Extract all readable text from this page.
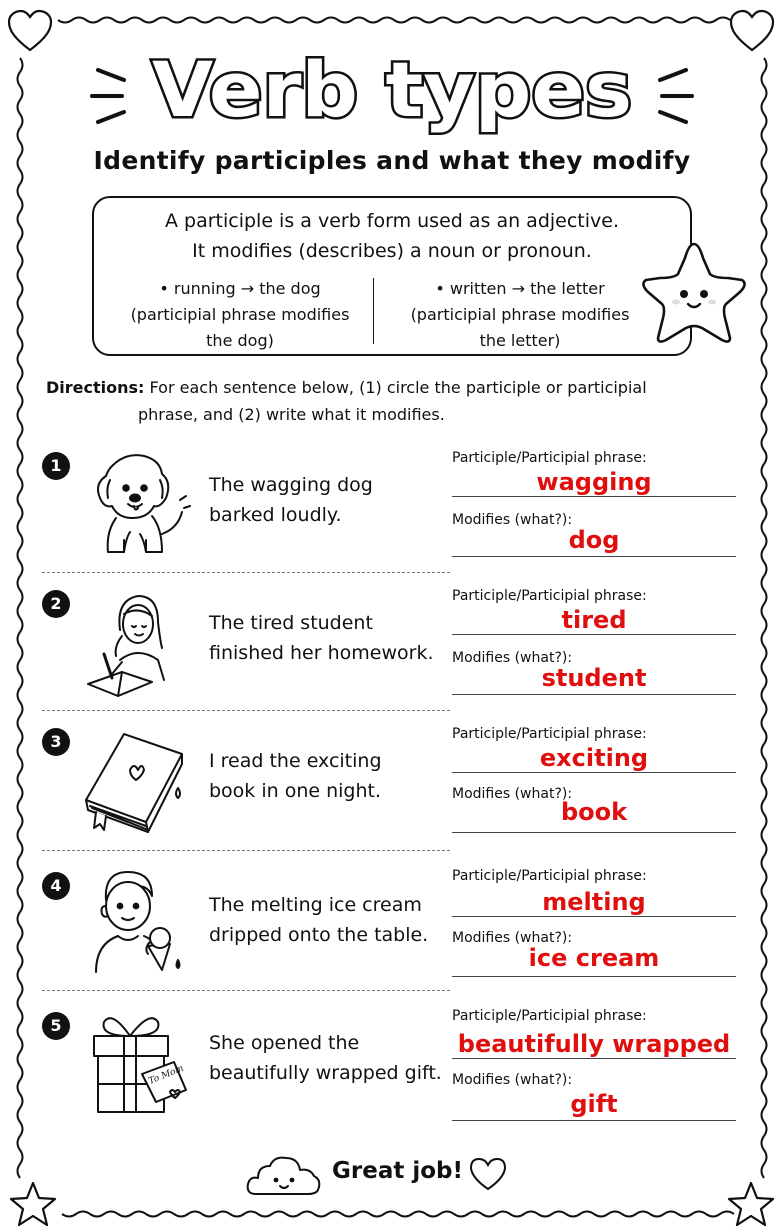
Verb types
Identify participles and what they modify
A participle is a verb form used as an adjective.
It modifies (describes) a noun or pronoun.
• running → the dog
(participial phrase modifies
the dog)
• written → the letter
(participial phrase modifies
the letter)
Directions: For each sentence below, (1) circle the participle or participial
phrase, and (2) write what it modifies.
1
The wagging dog
barked loudly.
Participle/Participial phrase:
wagging
Modifies (what?):
dog
2
The tired student
finished her homework.
Participle/Participial phrase:
tired
Modifies (what?):
student
3
I read the exciting
book in one night.
Participle/Participial phrase:
exciting
Modifies (what?):
book
4
The melting ice cream
dripped onto the table.
Participle/Participial phrase:
melting
Modifies (what?):
ice cream
5
To Mom
She opened the
beautifully wrapped gift.
Participle/Participial phrase:
beautifully wrapped
Modifies (what?):
gift
Great job!
